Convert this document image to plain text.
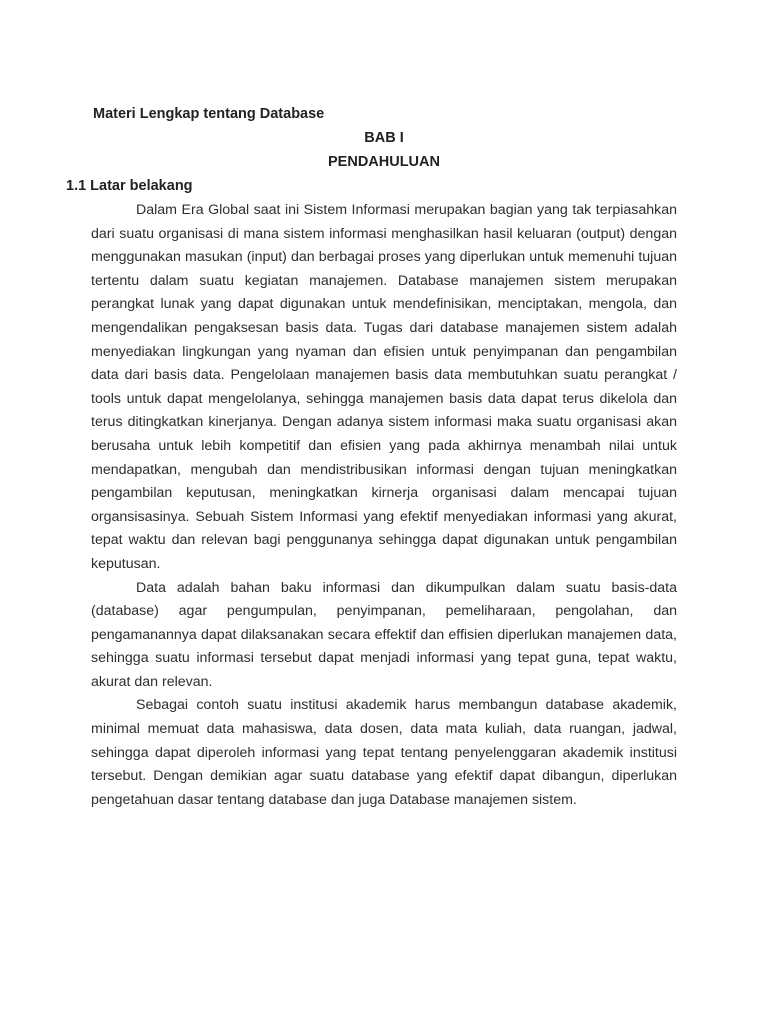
Materi Lengkap tentang Database
BAB I
PENDAHULUAN
1.1 Latar belakang

Dalam Era Global saat ini Sistem Informasi merupakan bagian yang tak terpiasahkan dari suatu organisasi di mana sistem informasi menghasilkan hasil keluaran (output) dengan menggunakan masukan (input) dan berbagai proses yang diperlukan untuk memenuhi tujuan tertentu dalam suatu kegiatan manajemen. Database manajemen sistem merupakan perangkat lunak yang dapat digunakan untuk mendefinisikan, menciptakan, mengola, dan mengendalikan pengaksesan basis data. Tugas dari database manajemen sistem adalah menyediakan lingkungan yang nyaman dan efisien untuk penyimpanan dan pengambilan data dari basis data. Pengelolaan manajemen basis data membutuhkan suatu perangkat / tools untuk dapat mengelolanya, sehingga manajemen basis data dapat terus dikelola dan terus ditingkatkan kinerjanya. Dengan adanya sistem informasi maka suatu organisasi akan berusaha untuk lebih kompetitif dan efisien yang pada akhirnya menambah nilai untuk mendapatkan, mengubah dan mendistribusikan informasi dengan tujuan meningkatkan pengambilan keputusan, meningkatkan kirnerja organisasi dalam mencapai tujuan organsisasinya. Sebuah Sistem Informasi yang efektif menyediakan informasi yang akurat, tepat waktu dan relevan bagi penggunanya sehingga dapat digunakan untuk pengambilan keputusan.

Data adalah bahan baku informasi dan dikumpulkan dalam suatu basis-data (database) agar pengumpulan, penyimpanan, pemeliharaan, pengolahan, dan pengamanannya dapat dilaksanakan secara effektif dan effisien diperlukan manajemen data, sehingga suatu informasi tersebut dapat menjadi informasi yang tepat guna, tepat waktu, akurat dan relevan.

Sebagai contoh suatu institusi akademik harus membangun database akademik, minimal memuat data mahasiswa, data dosen, data mata kuliah, data ruangan, jadwal, sehingga dapat diperoleh informasi yang tepat tentang penyelenggaran akademik institusi tersebut. Dengan demikian agar suatu database yang efektif dapat dibangun, diperlukan pengetahuan dasar tentang database dan juga Database manajemen sistem.
